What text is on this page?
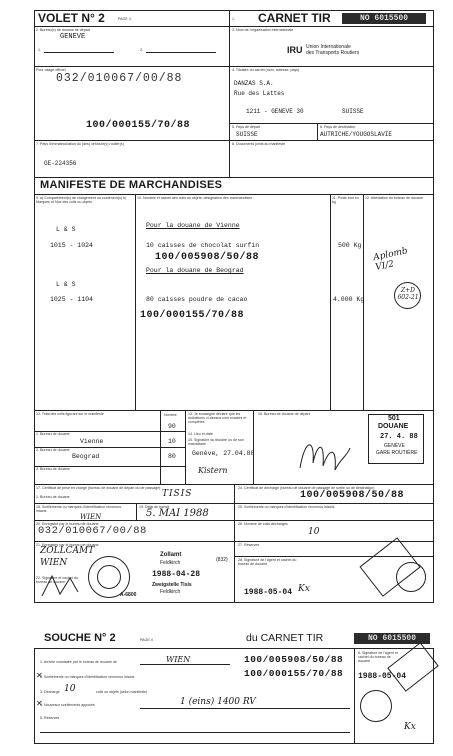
VOLET N° 2	PAGE 4	1. CARNET TIR	NO 6015500
2. Bureau(x) de douane de départ
GENEVE
1.	2.
3. Nom de l'organisation internationale
IRU Union Internationale
des Transports Routiers
Pour usage officiel
032/010067/00/88
100/000155/70/88
4. Titulaire du carnet (nom, adresse, pays)
DANZAS S.A.
Rue des Lattes
1211 - GENEVE 30	SUISSE
5. Pays de départ
SUISSE
6. Pays de destination
AUTRICHE/YOUGOSLAVIE
7. Pays d'immatriculation du (des) véhicule(s) routier(s)
GE-224356
8. Documents joints au manifeste
MANIFESTE DE MARCHANDISES
9. a) Compartiment(s) de chargement ou conteneur(s) b) Marques et Nos des colis ou objets
10. Nombre et nature des colis ou objets; désignation des marchandises	11. Poids brut en kg
12. Attestation du bureau de douane
Pour la douane de Vienne
L & S
1015 - 1024	10 caisses de chocolat surfin
100/005908/50/88
500 Kg
Pour la douane de Beograd
L & S
1025 - 1104	80 caisses poudre de cacao
100/000155/70/88
4.000 Kg
Aplomb VI/2
Z+D 602-21
12. Total des colis figurant sur le manifeste	Nombre
90
1. Bureau de douane
Vienne	10
2. Bureau de douane
Beograd	80
3. Bureau de douane
13. Je soussigné déclare que les indications ci-dessus sont exactes et complètes
14. Lieu et date
15. Signature du titulaire ou de son mandataire
Genève, 27.04.88
Kistern
16. Bureau de douane de départ
501
DOUANE
27. 4. 88
GENÈVE
GARE ROUTIÈRE
17. Certificat de prise en charge (bureau de douane de départ ou de passage)
TISIS
1. Bureau de douane
18. Scellements ou marques d'identification reconnus intacts
WIEN
19. Délai de transit
5. MAI 1988
20. Enregistré par le bureau de douane
032/010067/00/88
21. Enregistré par le bureau de douane
ZOLLCAMT
WIEN	(832)
22. Signature et cachet du bureau de douane
Zollamt
Feldkirch
1988-04-28
Zweigstelle Tisis
Feldkirch
A-6800
24. Certificat de décharge (bureau de douane de passage de sortie ou de destination)
100/005908/50/88
25. Scellements ou marques d'identification reconnus intacts
26. Nombre de colis déchargés
10
27. Réserves
28. Signature de l'agent et cachet du bureau de douane
1988-05-04 Kx
SOUCHE N° 2	PAGE 4	du CARNET TIR	NO 6015500
1. Arrivée constatée par le bureau de douane de	WIEN	100/005908/50/88
2. Scellements ou marques d'identification reconnus intacts
✕	100/000155/70/88
3. Déchargé 10	colis ou objets (selon manifeste)
4. Nouveaux scellements apposés
✕	1 (eins) 1400 RV
5. Réserves
6. Signature de l'agent et cachet du bureau de douane
1988-05-04
Kx
